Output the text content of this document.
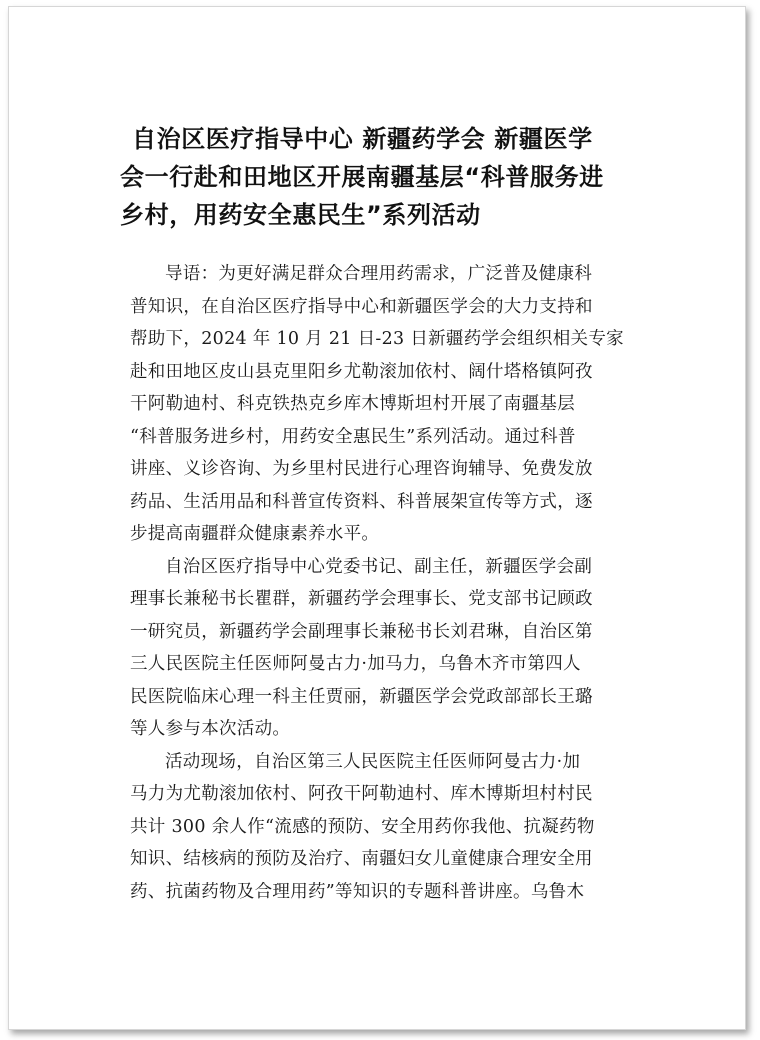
自治区医疗指导中心 新疆药学会 新疆医学
会一行赴和田地区开展南疆基层“科普服务进
乡村，用药安全惠民生”系列活动

导语：为更好满足群众合理用药需求，广泛普及健康科
普知识，在自治区医疗指导中心和新疆医学会的大力支持和
帮助下，2024 年 10 月 21 日-23 日新疆药学会组织相关专家
赴和田地区皮山县克里阳乡尤勒滚加依村、阔什塔格镇阿孜
干阿勒迪村、科克铁热克乡库木博斯坦村开展了南疆基层
“科普服务进乡村，用药安全惠民生”系列活动。通过科普
讲座、义诊咨询、为乡里村民进行心理咨询辅导、免费发放
药品、生活用品和科普宣传资料、科普展架宣传等方式，逐
步提高南疆群众健康素养水平。

自治区医疗指导中心党委书记、副主任，新疆医学会副
理事长兼秘书长瞿群，新疆药学会理事长、党支部书记顾政
一研究员，新疆药学会副理事长兼秘书长刘君琳，自治区第
三人民医院主任医师阿曼古力·加马力，乌鲁木齐市第四人
民医院临床心理一科主任贾丽，新疆医学会党政部部长王璐
等人参与本次活动。

活动现场，自治区第三人民医院主任医师阿曼古力·加
马力为尤勒滚加依村、阿孜干阿勒迪村、库木博斯坦村村民
共计 300 余人作“流感的预防、安全用药你我他、抗凝药物
知识、结核病的预防及治疗、南疆妇女儿童健康合理安全用
药、抗菌药物及合理用药”等知识的专题科普讲座。乌鲁木
